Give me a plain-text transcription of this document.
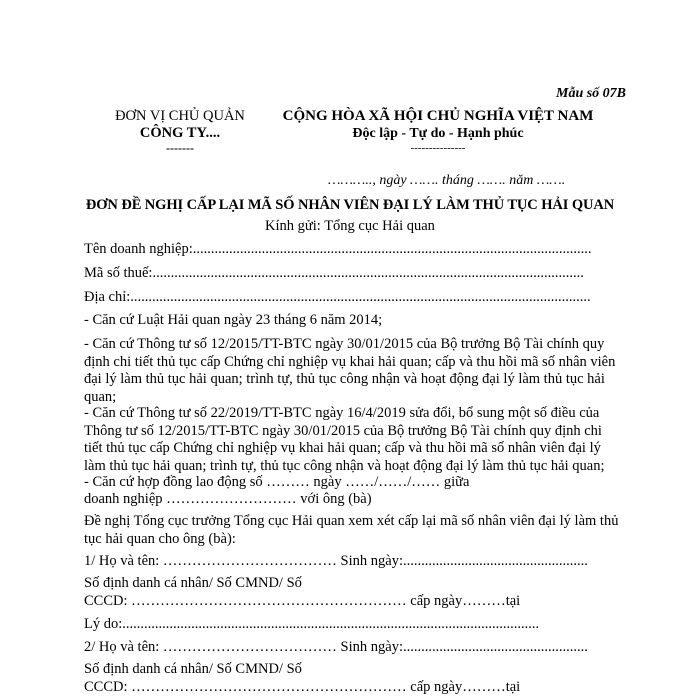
Mẫu số 07B
ĐƠN VỊ CHỦ QUẢN
CÔNG TY....
-------
CỘNG HÒA XÃ HỘI CHỦ NGHĨA VIỆT NAM
Độc lập - Tự do - Hạnh phúc
---------------
……….., ngày ……. tháng ……. năm …….
ĐƠN ĐỀ NGHỊ CẤP LẠI MÃ SỐ NHÂN VIÊN ĐẠI LÝ LÀM THỦ TỤC HẢI QUAN
Kính gửi: Tổng cục Hải quan
Tên doanh nghiệp:..............................................................................................................
Mã số thuế:.......................................................................................................................
Địa chỉ:...............................................................................................................................
- Căn cứ Luật Hải quan ngày 23 tháng 6 năm 2014;
- Căn cứ Thông tư số 12/2015/TT-BTC ngày 30/01/2015 của Bộ trưởng Bộ Tài chính quy định chi tiết thủ tục cấp Chứng chỉ nghiệp vụ khai hải quan; cấp và thu hồi mã số nhân viên đại lý làm thủ tục hải quan; trình tự, thủ tục công nhận và hoạt động đại lý làm thủ tục hải quan;
- Căn cứ Thông tư số 22/2019/TT-BTC ngày 16/4/2019 sửa đổi, bổ sung một số điều của Thông tư số 12/2015/TT-BTC ngày 30/01/2015 của Bộ trưởng Bộ Tài chính quy định chi tiết thủ tục cấp Chứng chỉ nghiệp vụ khai hải quan; cấp và thu hồi mã số nhân viên đại lý làm thủ tục hải quan; trình tự, thủ tục công nhận và hoạt động đại lý làm thủ tục hải quan;
- Căn cứ hợp đồng lao động số ……… ngày ……/……/…… giữa
doanh nghiệp ……………………… với ông (bà)
Đề nghị Tổng cục trưởng Tổng cục Hải quan xem xét cấp lại mã số nhân viên đại lý làm thủ tục hải quan cho ông (bà):
1/ Họ và tên: ……………………………… Sinh ngày:...................................................
Số định danh cá nhân/ Số CMND/ Số
CCCD: ………………………………………………… cấp ngày………tại
Lý do:...................................................................................................................
2/ Họ và tên: ……………………………… Sinh ngày:...................................................
Số định danh cá nhân/ Số CMND/ Số
CCCD: ………………………………………………… cấp ngày………tại
